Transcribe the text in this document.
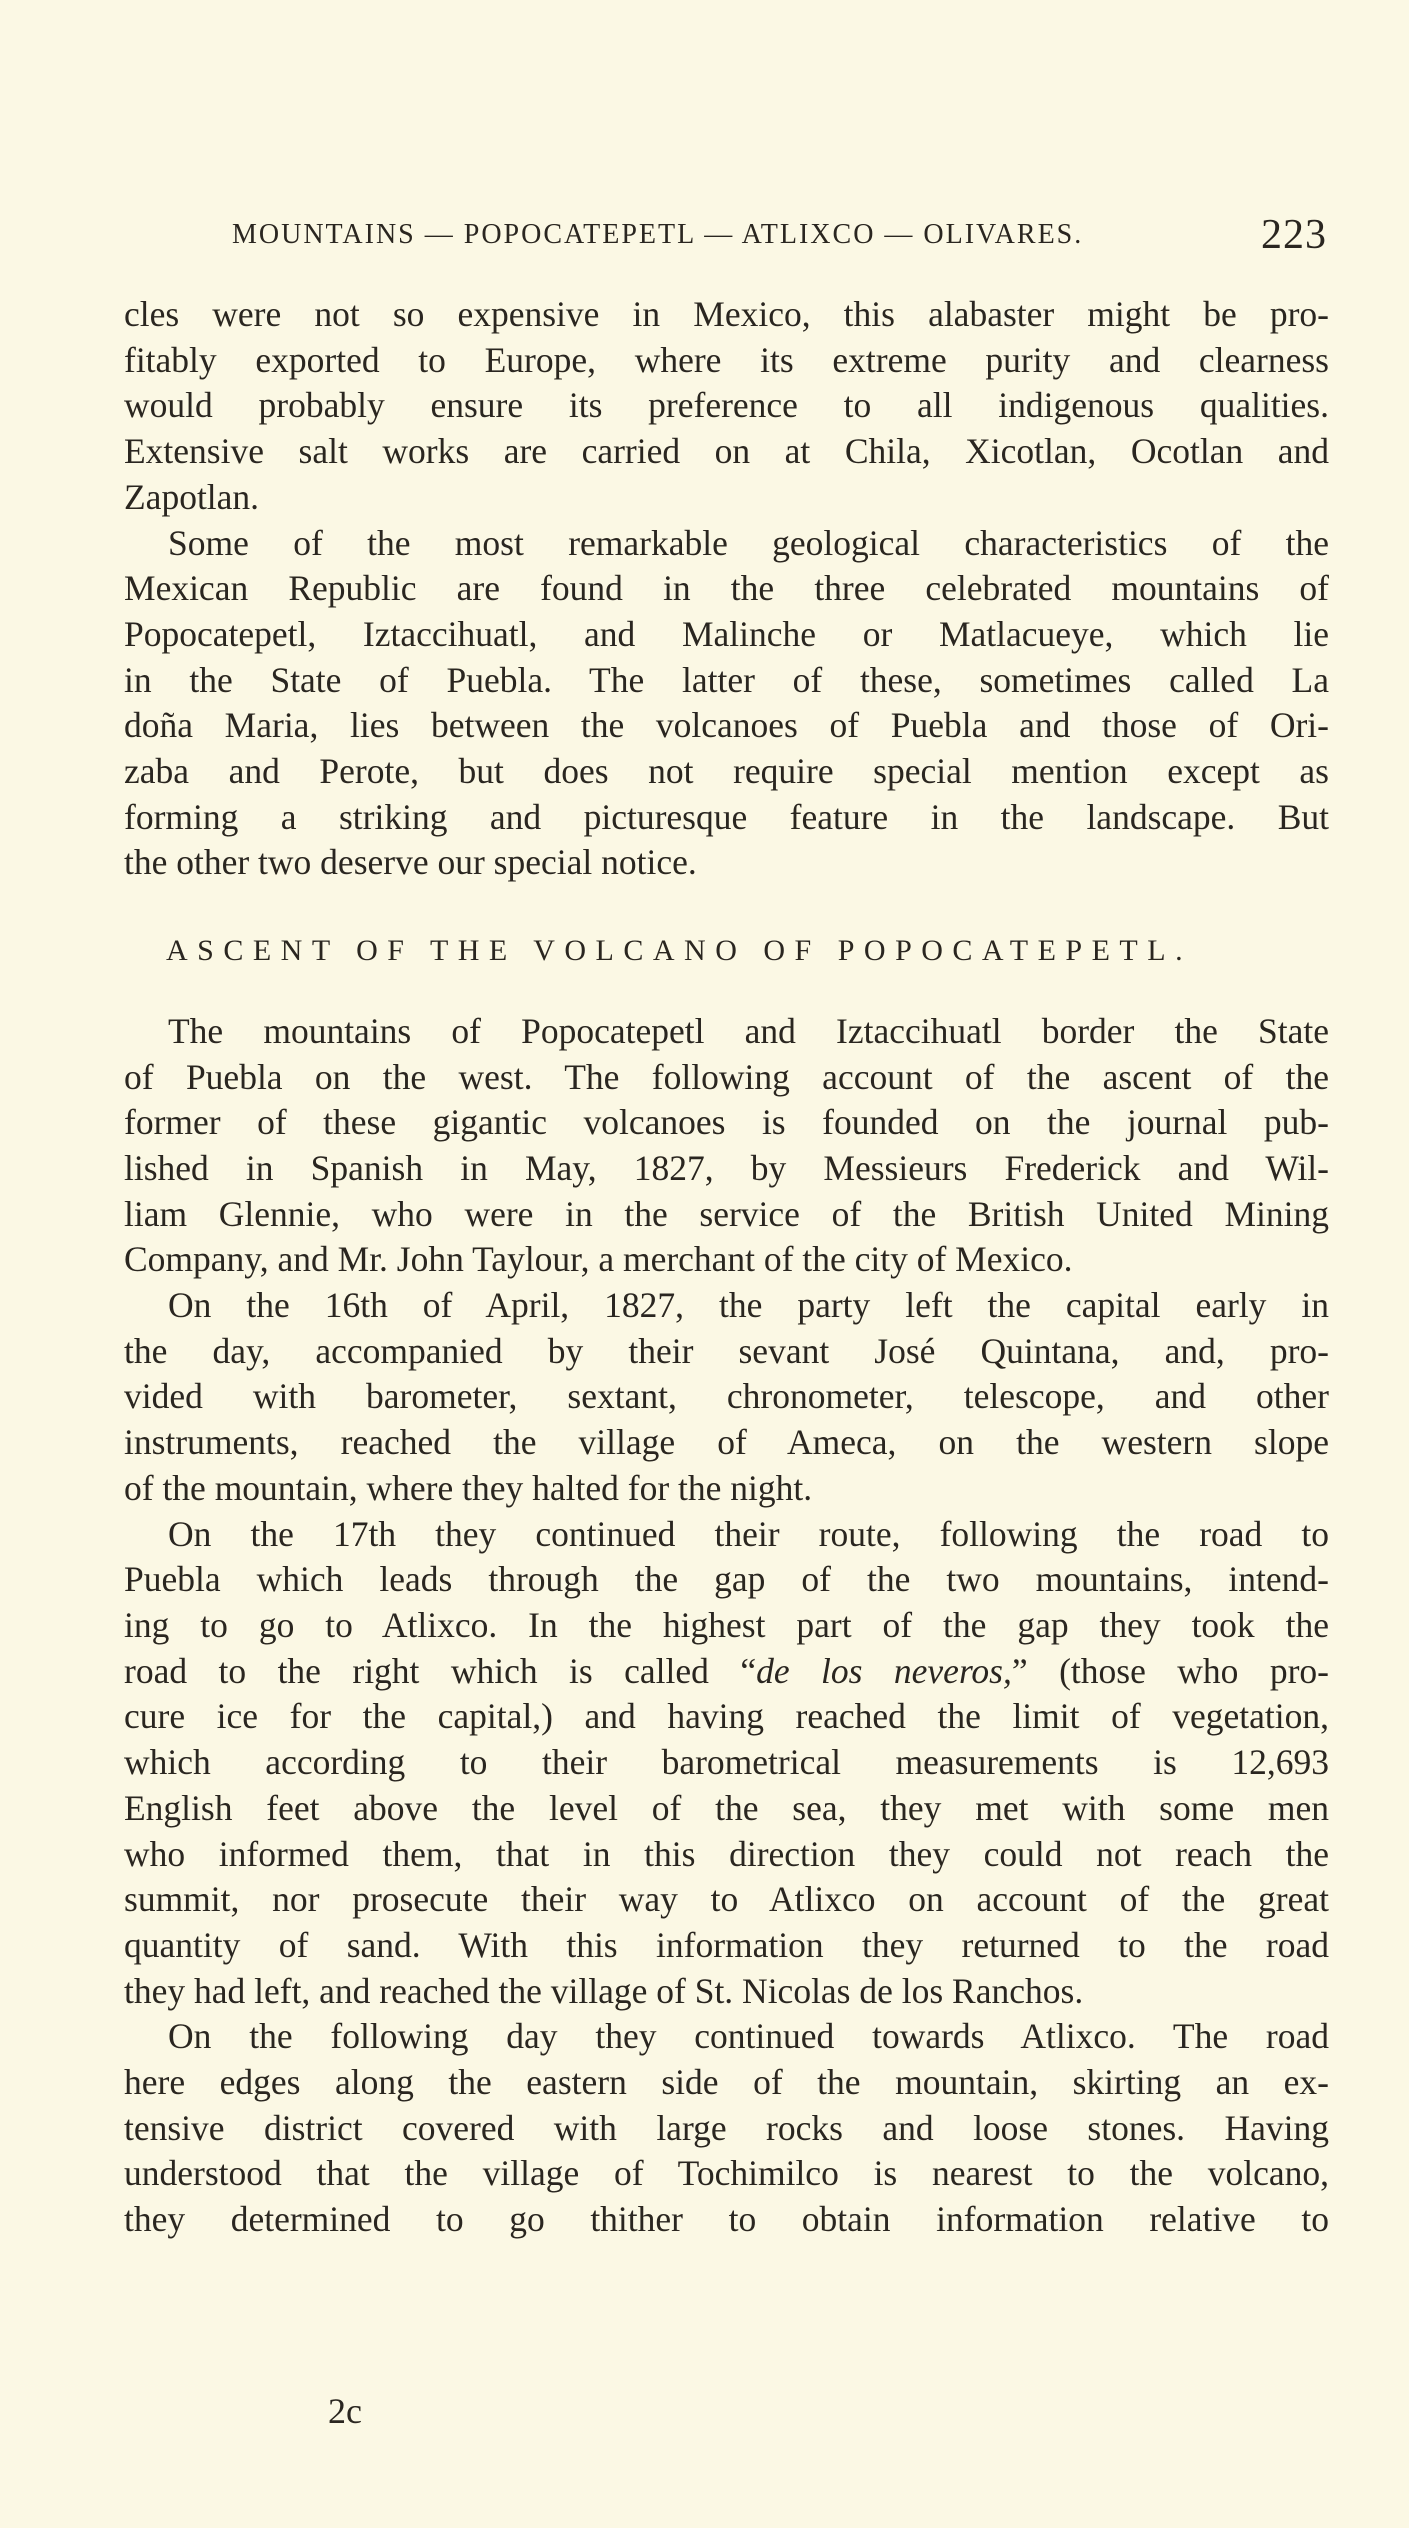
MOUNTAINS — POPOCATEPETL — ATLIXCO — OLIVARES.	223

cles were not so expensive in Mexico, this alabaster might be pro-
fitably exported to Europe, where its extreme purity and clearness
would probably ensure its preference to all indigenous qualities.
Extensive salt works are carried on at Chila, Xicotlan, Ocotlan and
Zapotlan.

Some of the most remarkable geological characteristics of the
Mexican Republic are found in the three celebrated mountains of
Popocatepetl, Iztaccihuatl, and Malinche or Matlacueye, which lie
in the State of Puebla. The latter of these, sometimes called La
doña Maria, lies between the volcanoes of Puebla and those of Ori-
zaba and Perote, but does not require special mention except as
forming a striking and picturesque feature in the landscape. But
the other two deserve our special notice.

ASCENT OF THE VOLCANO OF POPOCATEPETL.

The mountains of Popocatepetl and Iztaccihuatl border the State
of Puebla on the west. The following account of the ascent of the
former of these gigantic volcanoes is founded on the journal pub-
lished in Spanish in May, 1827, by Messieurs Frederick and Wil-
liam Glennie, who were in the service of the British United Mining
Company, and Mr. John Taylour, a merchant of the city of Mexico.

On the 16th of April, 1827, the party left the capital early in
the day, accompanied by their sevant José Quintana, and, pro-
vided with barometer, sextant, chronometer, telescope, and other
instruments, reached the village of Ameca, on the western slope
of the mountain, where they halted for the night.

On the 17th they continued their route, following the road to
Puebla which leads through the gap of the two mountains, intend-
ing to go to Atlixco. In the highest part of the gap they took the
road to the right which is called “de los neveros,” (those who pro-
cure ice for the capital,) and having reached the limit of vegetation,
which according to their barometrical measurements is 12,693
English feet above the level of the sea, they met with some men
who informed them, that in this direction they could not reach the
summit, nor prosecute their way to Atlixco on account of the great
quantity of sand. With this information they returned to the road
they had left, and reached the village of St. Nicolas de los Ranchos.

On the following day they continued towards Atlixco. The road
here edges along the eastern side of the mountain, skirting an ex-
tensive district covered with large rocks and loose stones. Having
understood that the village of Tochimilco is nearest to the volcano,
they determined to go thither to obtain information relative to

2c
